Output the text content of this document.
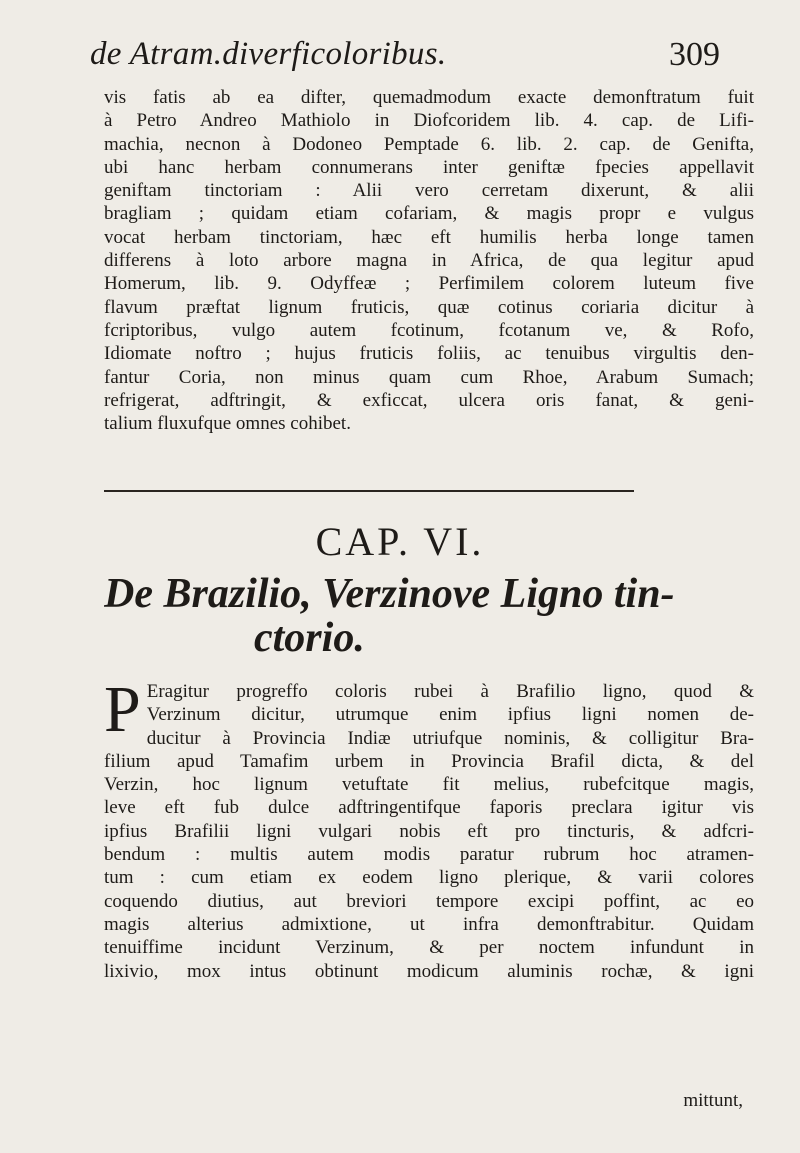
de Atram.diverficoloribus.	309
vis fatis ab ea difter, quemadmodum exacte demonftratum fuit
à Petro Andreo Mathiolo in Diofcoridem lib. 4. cap. de Lifi-
machia, necnon à Dodoneo Pemptade 6. lib. 2. cap. de Genifta,
ubi hanc herbam connumerans inter geniftæ fpecies appellavit
geniftam tinctoriam : Alii vero cerretam dixerunt, & alii
bragliam ; quidam etiam cofariam, & magis propr e vulgus
vocat herbam tinctoriam, hæc eft humilis herba longe tamen
differens à loto arbore magna in Africa, de qua legitur apud
Homerum, lib. 9. Odyffeæ ; Perfimilem colorem luteum five
flavum præftat lignum fruticis, quæ cotinus coriaria dicitur à
fcriptoribus, vulgo autem fcotinum, fcotanum ve, & Rofo,
Idiomate noftro ; hujus fruticis foliis, ac tenuibus virgultis den-
fantur Coria, non minus quam cum Rhoe, Arabum Sumach;
refrigerat, adftringit, & exficcat, ulcera oris fanat, & geni-
talium fluxufque omnes cohibet.
CAP. VI.
De Brazilio, Verzinove Ligno tin-
ctorio.
P Eragitur progreffo coloris rubei à Brafilio ligno, quod &
Verzinum dicitur, utrumque enim ipfius ligni nomen de-
ducitur à Provincia Indiæ utriufque nominis, & colligitur Bra-
filium apud Tamafim urbem in Provincia Brafil dicta, & del
Verzin, hoc lignum vetuftate fit melius, rubefcitque magis,
leve eft fub dulce adftringentifque faporis preclara igitur vis
ipfius Brafilii ligni vulgari nobis eft pro tincturis, & adfcri-
bendum : multis autem modis paratur rubrum hoc atramen-
tum : cum etiam ex eodem ligno plerique, & varii colores
coquendo diutius, aut breviori tempore excipi poffint, ac eo
magis alterius admixtione, ut infra demonftrabitur. Quidam
tenuiffime incidunt Verzinum, & per noctem infundunt in
lixivio, mox intus obtinunt modicum aluminis rochæ, & igni
mittunt,
